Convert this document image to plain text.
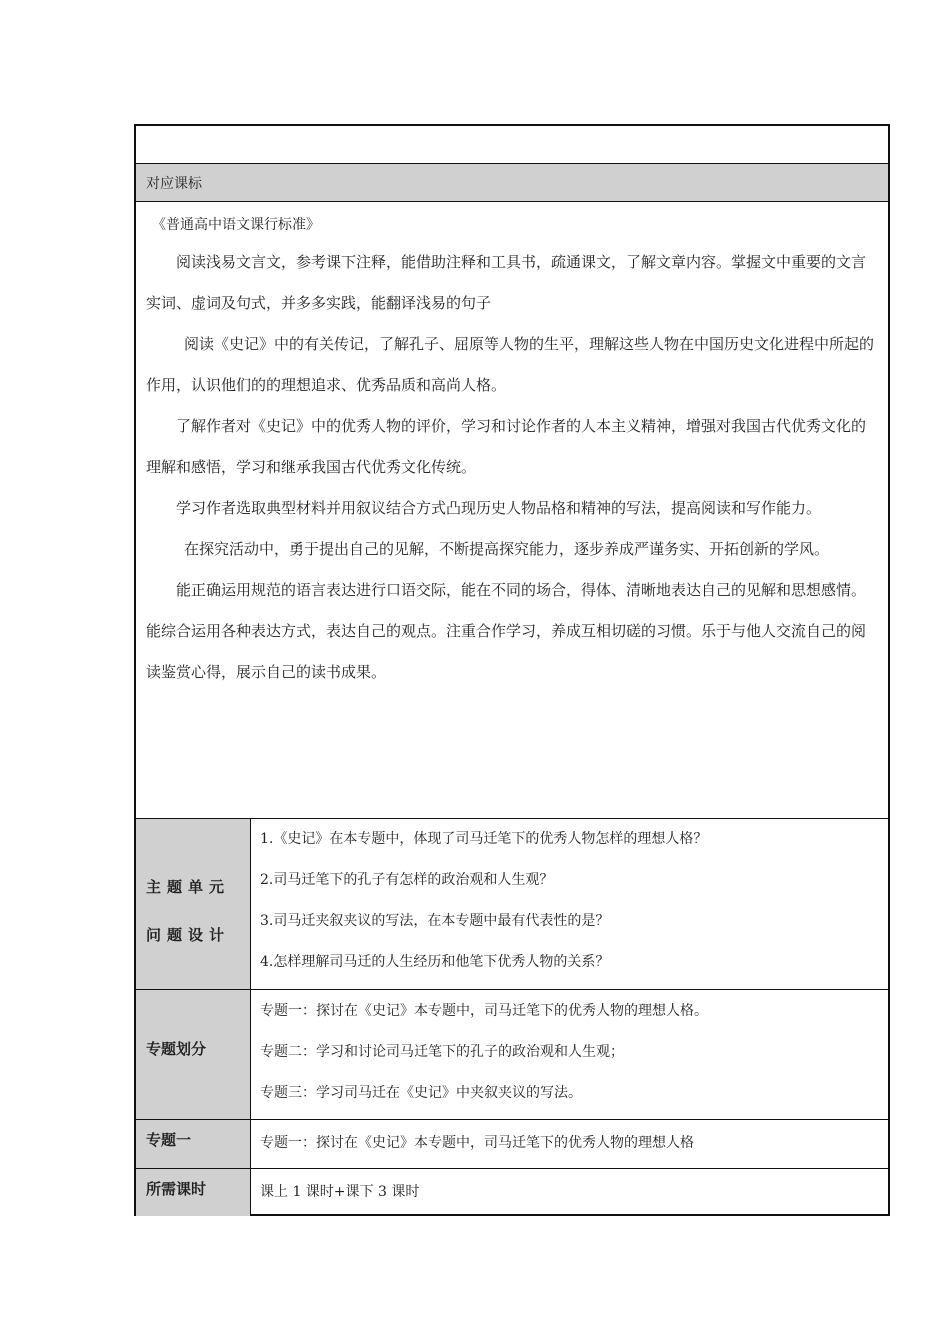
对应课标
《普通高中语文课行标准》

阅读浅易文言文，参考课下注释，能借助注释和工具书，疏通课文，了解文章内容。掌握文中重要的文言实词、虚词及句式，并多多实践，能翻译浅易的句子

阅读《史记》中的有关传记，了解孔子、屈原等人物的生平，理解这些人物在中国历史文化进程中所起的作用，认识他们的的理想追求、优秀品质和高尚人格。

了解作者对《史记》中的优秀人物的评价，学习和讨论作者的人本主义精神，增强对我国古代优秀文化的理解和感悟，学习和继承我国古代优秀文化传统。

学习作者选取典型材料并用叙议结合方式凸现历史人物品格和精神的写法，提高阅读和写作能力。

在探究活动中，勇于提出自己的见解，不断提高探究能力，逐步养成严谨务实、开拓创新的学风。

能正确运用规范的语言表达进行口语交际，能在不同的场合，得体、清晰地表达自己的见解和思想感情。能综合运用各种表达方式，表达自己的观点。注重合作学习，养成互相切磋的习惯。乐于与他人交流自己的阅读鉴赏心得，展示自己的读书成果。

主题单元问题设计
1.《史记》在本专题中，体现了司马迁笔下的优秀人物怎样的理想人格？
2.司马迁笔下的孔子有怎样的政治观和人生观？
3.司马迁夹叙夹议的写法，在本专题中最有代表性的是？
4.怎样理解司马迁的人生经历和他笔下优秀人物的关系？
专题划分
专题一：探讨在《史记》本专题中，司马迁笔下的优秀人物的理想人格。
专题二：学习和讨论司马迁笔下的孔子的政治观和人生观；
专题三：学习司马迁在《史记》中夹叙夹议的写法。
专题一	专题一：探讨在《史记》本专题中，司马迁笔下的优秀人物的理想人格
所需课时	课上 1 课时+课下 3 课时
